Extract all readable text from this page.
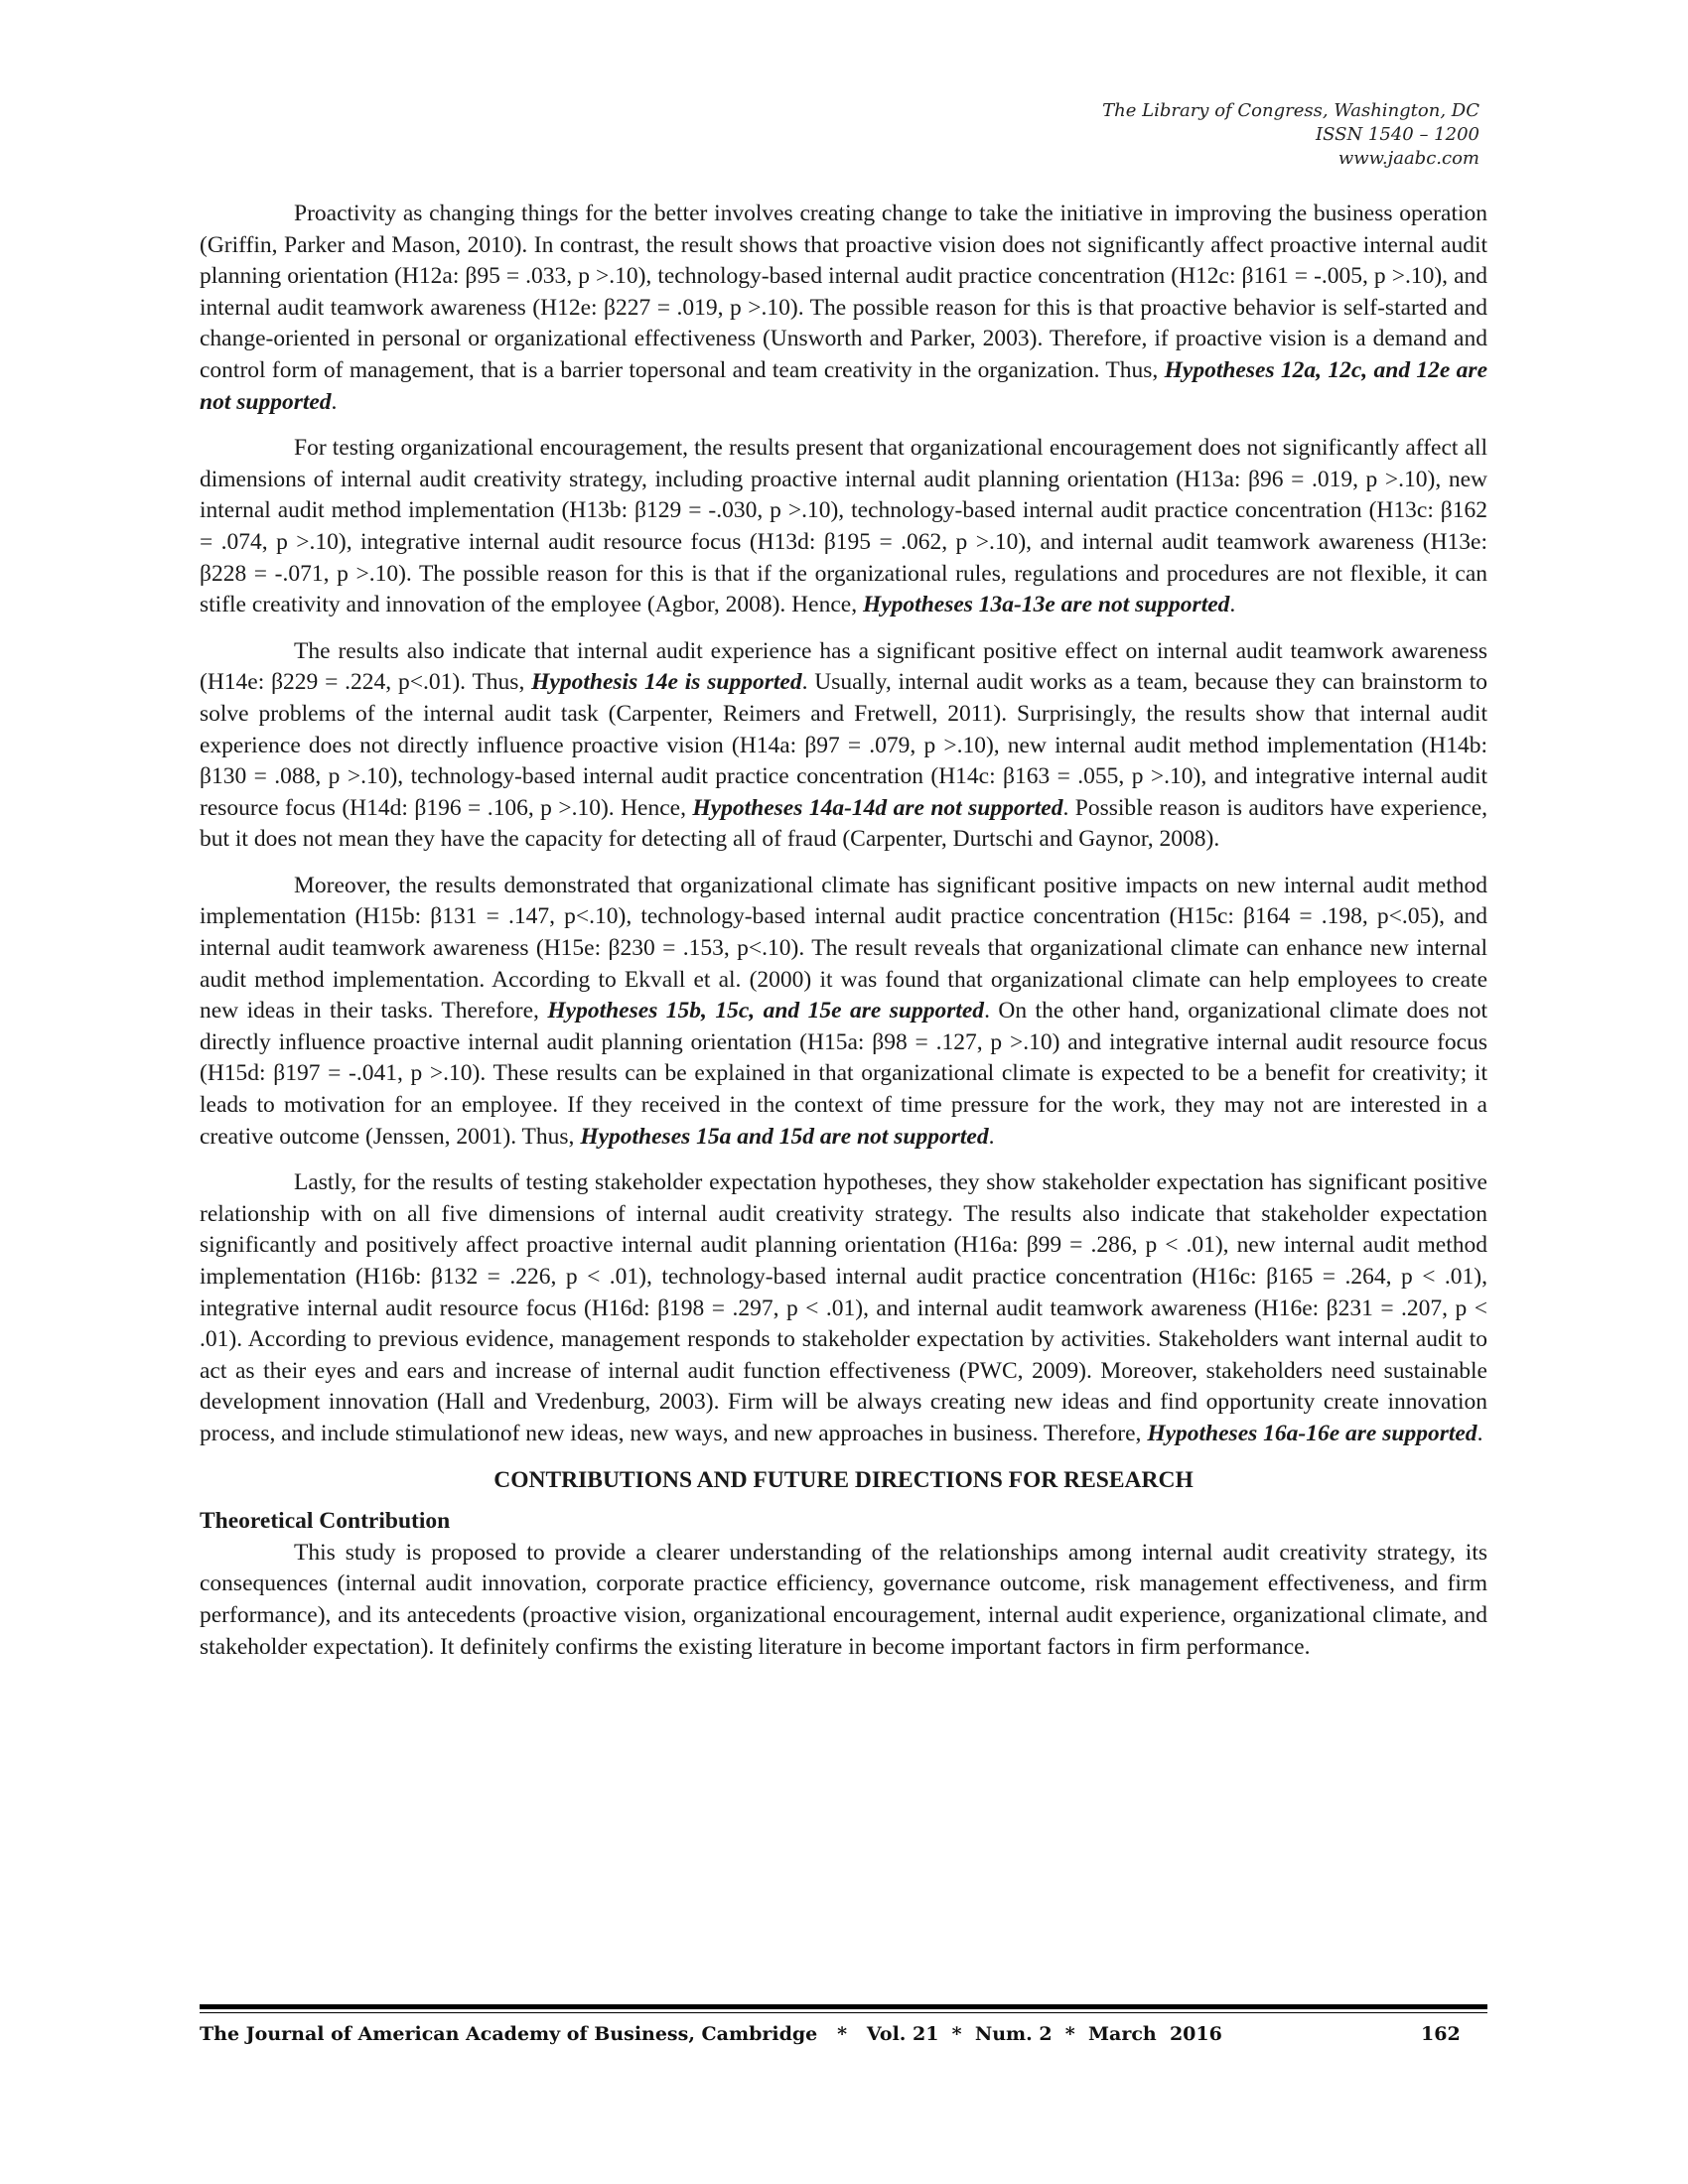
The Library of Congress, Washington, DC
ISSN 1540 – 1200
www.jaabc.com

Proactivity as changing things for the better involves creating change to take the initiative in improving the business operation (Griffin, Parker and Mason, 2010). In contrast, the result shows that proactive vision does not significantly affect proactive internal audit planning orientation (H12a: β95 = .033, p >.10), technology-based internal audit practice concentration (H12c: β161 = -.005, p >.10), and internal audit teamwork awareness (H12e: β227 = .019, p >.10). The possible reason for this is that proactive behavior is self-started and change-oriented in personal or organizational effectiveness (Unsworth and Parker, 2003). Therefore, if proactive vision is a demand and control form of management, that is a barrier topersonal and team creativity in the organization. Thus, Hypotheses 12a, 12c, and 12e are not supported.

For testing organizational encouragement, the results present that organizational encouragement does not significantly affect all dimensions of internal audit creativity strategy, including proactive internal audit planning orientation (H13a: β96 = .019, p >.10), new internal audit method implementation (H13b: β129 = -.030, p >.10), technology-based internal audit practice concentration (H13c: β162 = .074, p >.10), integrative internal audit resource focus (H13d: β195 = .062, p >.10), and internal audit teamwork awareness (H13e: β228 = -.071, p >.10). The possible reason for this is that if the organizational rules, regulations and procedures are not flexible, it can stifle creativity and innovation of the employee (Agbor, 2008). Hence, Hypotheses 13a-13e are not supported.

The results also indicate that internal audit experience has a significant positive effect on internal audit teamwork awareness (H14e: β229 = .224, p<.01). Thus, Hypothesis 14e is supported. Usually, internal audit works as a team, because they can brainstorm to solve problems of the internal audit task (Carpenter, Reimers and Fretwell, 2011). Surprisingly, the results show that internal audit experience does not directly influence proactive vision (H14a: β97 = .079, p >.10), new internal audit method implementation (H14b: β130 = .088, p >.10), technology-based internal audit practice concentration (H14c: β163 = .055, p >.10), and integrative internal audit resource focus (H14d: β196 = .106, p >.10). Hence, Hypotheses 14a-14d are not supported. Possible reason is auditors have experience, but it does not mean they have the capacity for detecting all of fraud (Carpenter, Durtschi and Gaynor, 2008).

Moreover, the results demonstrated that organizational climate has significant positive impacts on new internal audit method implementation (H15b: β131 = .147, p<.10), technology-based internal audit practice concentration (H15c: β164 = .198, p<.05), and internal audit teamwork awareness (H15e: β230 = .153, p<.10). The result reveals that organizational climate can enhance new internal audit method implementation. According to Ekvall et al. (2000) it was found that organizational climate can help employees to create new ideas in their tasks. Therefore, Hypotheses 15b, 15c, and 15e are supported. On the other hand, organizational climate does not directly influence proactive internal audit planning orientation (H15a: β98 = .127, p >.10) and integrative internal audit resource focus (H15d: β197 = -.041, p >.10). These results can be explained in that organizational climate is expected to be a benefit for creativity; it leads to motivation for an employee. If they received in the context of time pressure for the work, they may not are interested in a creative outcome (Jenssen, 2001). Thus, Hypotheses 15a and 15d are not supported.

Lastly, for the results of testing stakeholder expectation hypotheses, they show stakeholder expectation has significant positive relationship with on all five dimensions of internal audit creativity strategy. The results also indicate that stakeholder expectation significantly and positively affect proactive internal audit planning orientation (H16a: β99 = .286, p < .01), new internal audit method implementation (H16b: β132 = .226, p < .01), technology-based internal audit practice concentration (H16c: β165 = .264, p < .01), integrative internal audit resource focus (H16d: β198 = .297, p < .01), and internal audit teamwork awareness (H16e: β231 = .207, p < .01). According to previous evidence, management responds to stakeholder expectation by activities. Stakeholders want internal audit to act as their eyes and ears and increase of internal audit function effectiveness (PWC, 2009). Moreover, stakeholders need sustainable development innovation (Hall and Vredenburg, 2003). Firm will be always creating new ideas and find opportunity create innovation process, and include stimulationof new ideas, new ways, and new approaches in business. Therefore, Hypotheses 16a-16e are supported.

CONTRIBUTIONS AND FUTURE DIRECTIONS FOR RESEARCH
Theoretical Contribution

This study is proposed to provide a clearer understanding of the relationships among internal audit creativity strategy, its consequences (internal audit innovation, corporate practice efficiency, governance outcome, risk management effectiveness, and firm performance), and its antecedents (proactive vision, organizational encouragement, internal audit experience, organizational climate, and stakeholder expectation). It definitely confirms the existing literature in become important factors in firm performance.

The Journal of American Academy of Business, Cambridge   *   Vol. 21  *  Num. 2  *  March  2016	162
